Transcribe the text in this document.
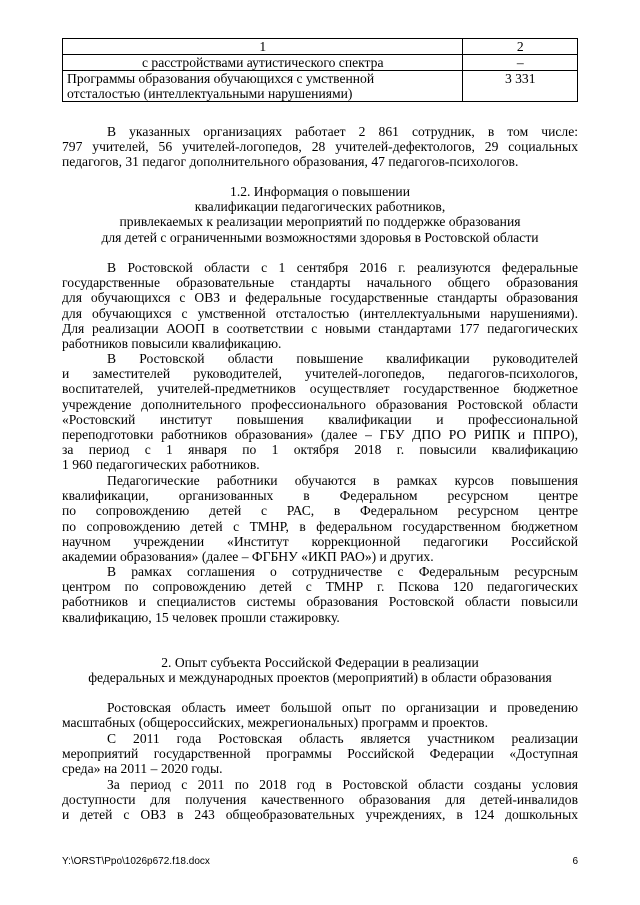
1	2
с расстройствами аутистического спектра	–

Программы образования обучающихся с умственной
отсталостью (интеллектуальными нарушениями)	3 331

В указанных организациях работает 2 861 сотрудник, в том числе:
797 учителей, 56 учителей-логопедов, 28 учителей-дефектологов, 29 социальных
педагогов, 31 педагог дополнительного образования, 47 педагогов-психологов.

1.2. Информация о повышении
квалификации педагогических работников,
привлекаемых к реализации мероприятий по поддержке образования
для детей с ограниченными возможностями здоровья в Ростовской области

В Ростовской области с 1 сентября 2016 г. реализуются федеральные
государственные образовательные стандарты начального общего образования
для обучающихся с ОВЗ и федеральные государственные стандарты образования
для обучающихся с умственной отсталостью (интеллектуальными нарушениями).
Для реализации АООП в соответствии с новыми стандартами 177 педагогических
работников повысили квалификацию.

В Ростовской области повышение квалификации руководителей
и заместителей руководителей, учителей-логопедов, педагогов-психологов,
воспитателей, учителей-предметников осуществляет государственное бюджетное
учреждение дополнительного профессионального образования Ростовской области
«Ростовский институт повышения квалификации и профессиональной
переподготовки работников образования» (далее – ГБУ ДПО РО РИПК и ППРО),
за период с 1 января по 1 октября 2018 г. повысили квалификацию
1 960 педагогических работников.

Педагогические работники обучаются в рамках курсов повышения
квалификации, организованных в Федеральном ресурсном центре
по сопровождению детей с РАС, в Федеральном ресурсном центре
по сопровождению детей с ТМНР, в федеральном государственном бюджетном
научном учреждении «Институт коррекционной педагогики Российской
академии образования» (далее – ФГБНУ «ИКП РАО») и других.

В рамках соглашения о сотрудничестве с Федеральным ресурсным
центром по сопровождению детей с ТМНР г. Пскова 120 педагогических
работников и специалистов системы образования Ростовской области повысили
квалификацию, 15 человек прошли стажировку.

2. Опыт субъекта Российской Федерации в реализации
федеральных и международных проектов (мероприятий) в области образования

Ростовская область имеет большой опыт по организации и проведению
масштабных (общероссийских, межрегиональных) программ и проектов.

С 2011 года Ростовская область является участником реализации
мероприятий государственной программы Российской Федерации «Доступная
среда» на 2011 – 2020 годы.

За период с 2011 по 2018 год в Ростовской области созданы условия
доступности для получения качественного образования для детей-инвалидов
и детей с ОВЗ в 243 общеобразовательных учреждениях, в 124 дошкольных

Y:\ORST\Ppo\1026p672.f18.docx	6
